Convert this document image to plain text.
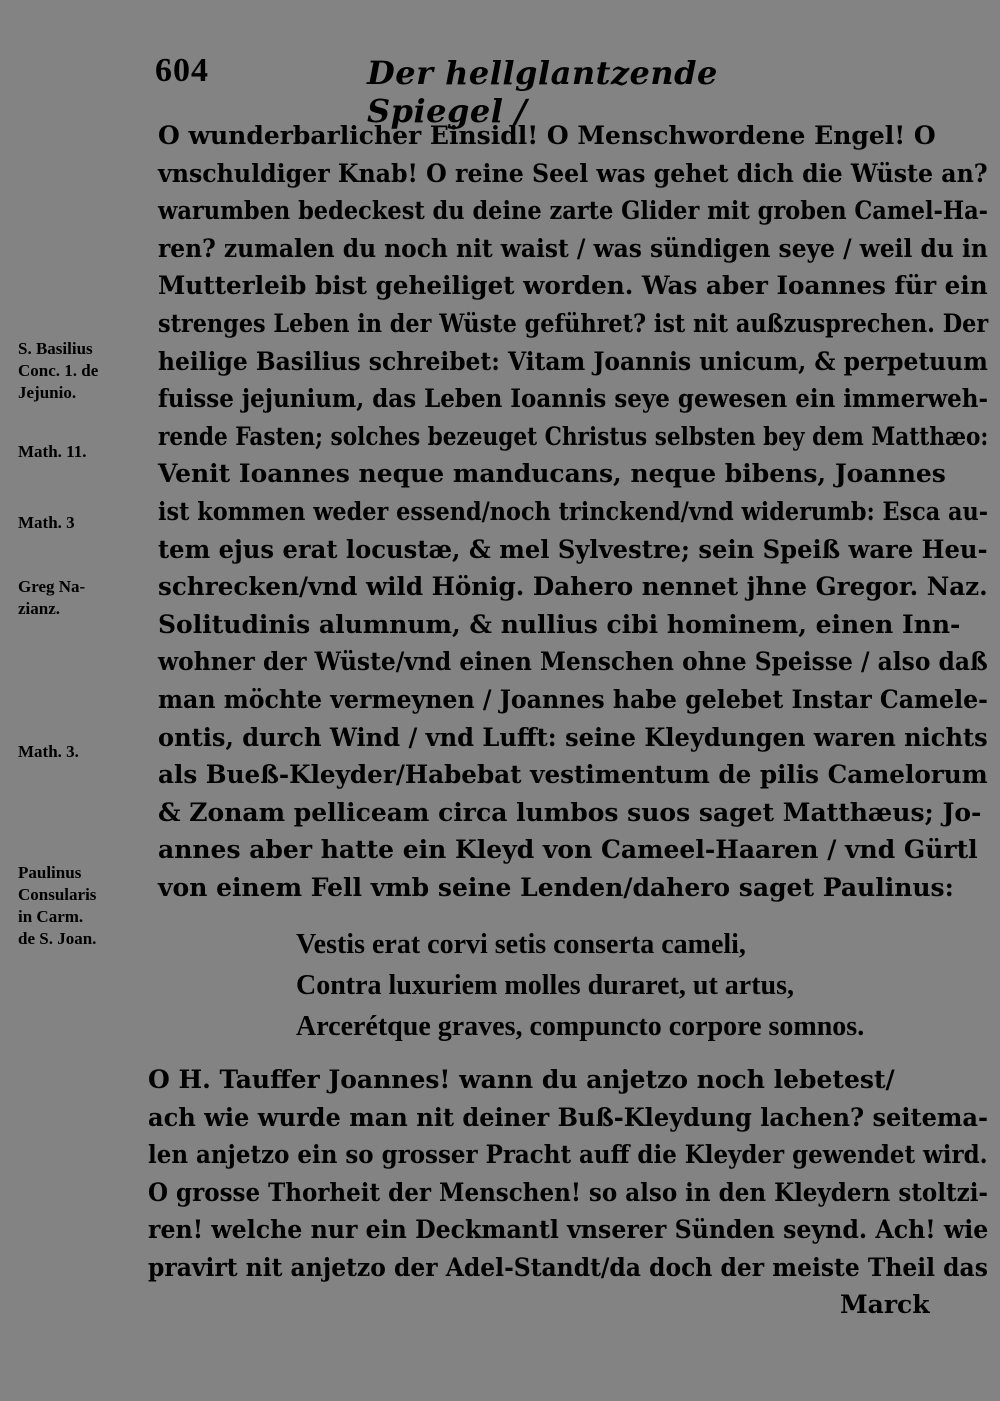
604	Der hellglantzende Spiegel /
S. Basilius
Conc. 1. de
Jejunio.
Math. 11.
Math. 3
Greg Na-
zianz.
Math. 3.
Paulinus
Consularis
in Carm.
de S. Joan.
O wunderbarlicher Einsidl! O Menschwordene Engel! O
vnschuldiger Knab! O reine Seel was gehet dich die Wüste an?
warumben bedeckest du deine zarte Glider mit groben Camel-Ha-
ren? zumalen du noch nit waist / was sündigen seye / weil du in
Mutterleib bist geheiliget worden. Was aber Ioannes für ein
strenges Leben in der Wüste geführet? ist nit außzusprechen. Der
heilige Basilius schreibet: Vitam Joannis unicum, & perpetuum
fuisse jejunium, das Leben Ioannis seye gewesen ein immerweh-
rende Fasten; solches bezeuget Christus selbsten bey dem Matthæo:
Venit Ioannes neque manducans, neque bibens, Joannes
ist kommen weder essend/noch trinckend/vnd widerumb: Esca au-
tem ejus erat locustæ, & mel Sylvestre; sein Speiß ware Heu-
schrecken/vnd wild Hönig. Dahero nennet jhne Gregor. Naz.
Solitudinis alumnum, & nullius cibi hominem, einen Inn-
wohner der Wüste/vnd einen Menschen ohne Speisse / also daß
man möchte vermeynen / Joannes habe gelebet Instar Camele-
ontis, durch Wind / vnd Lufft: seine Kleydungen waren nichts
als Bueß-Kleyder/Habebat vestimentum de pilis Camelorum
& Zonam pelliceam circa lumbos suos saget Matthæus; Jo-
annes aber hatte ein Kleyd von Cameel-Haaren / vnd Gürtl
von einem Fell vmb seine Lenden/dahero saget Paulinus:
Vestis erat corvi setis conserta cameli,
Contra luxuriem molles duraret, ut artus,
Arcerétque graves, compuncto corpore somnos.
O H. Tauffer Joannes! wann du anjetzo noch lebetest/
ach wie wurde man nit deiner Buß-Kleydung lachen? seitema-
len anjetzo ein so grosser Pracht auff die Kleyder gewendet wird.
O grosse Thorheit der Menschen! so also in den Kleydern stoltzi-
ren! welche nur ein Deckmantl vnserer Sünden seynd. Ach! wie
pravirt nit anjetzo der Adel-Standt/da doch der meiste Theil das
Marck
